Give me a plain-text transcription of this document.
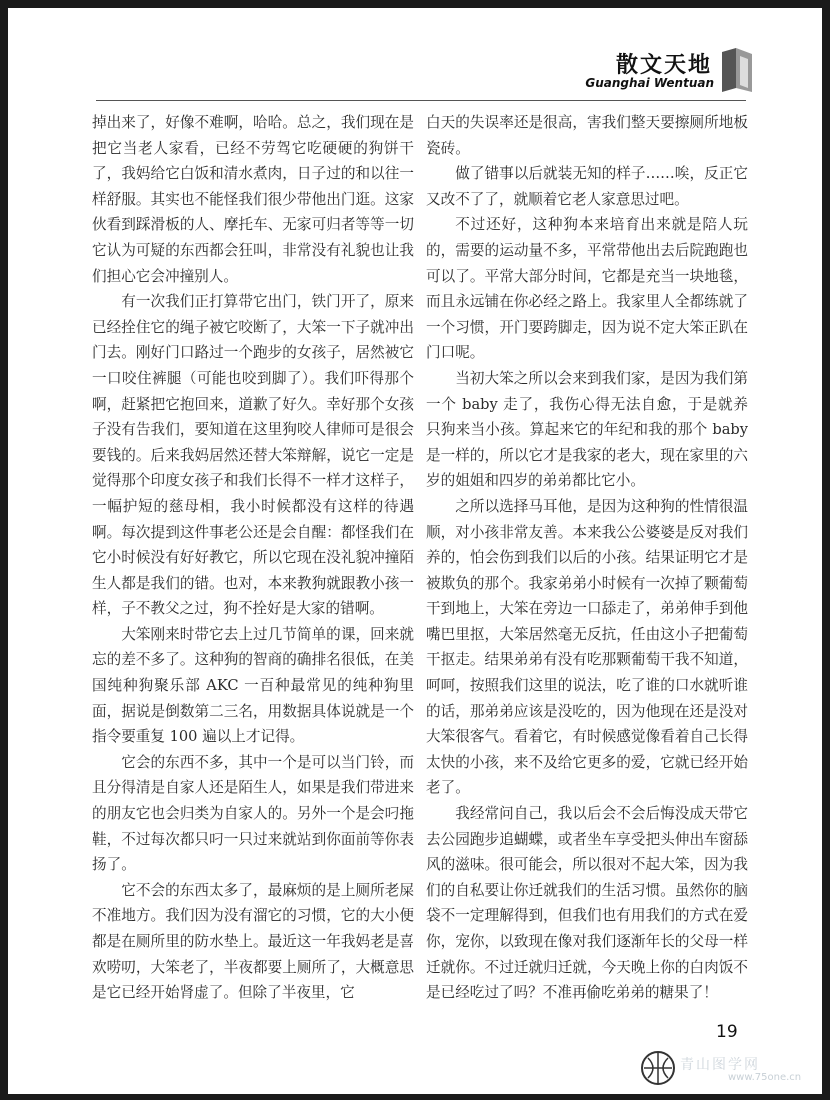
散文天地
Guanghai Wentuan

掉出来了，好像不难啊，哈哈。总之，我们现在是把它当老人家看，已经不劳驾它吃硬硬的狗饼干了，我妈给它白饭和清水煮肉，日子过的和以往一样舒服。其实也不能怪我们很少带他出门逛。这家伙看到踩滑板的人、摩托车、无家可归者等等一切它认为可疑的东西都会狂叫，非常没有礼貌也让我们担心它会冲撞别人。

有一次我们正打算带它出门，铁门开了，原来已经拴住它的绳子被它咬断了，大笨一下子就冲出门去。刚好门口路过一个跑步的女孩子，居然被它一口咬住裤腿（可能也咬到脚了）。我们吓得那个啊，赶紧把它抱回来，道歉了好久。幸好那个女孩子没有告我们，要知道在这里狗咬人律师可是很会要钱的。后来我妈居然还替大笨辩解，说它一定是觉得那个印度女孩子和我们长得不一样才这样子，一幅护短的慈母相，我小时候都没有这样的待遇啊。每次提到这件事老公还是会自醒：都怪我们在它小时候没有好好教它，所以它现在没礼貌冲撞陌生人都是我们的错。也对，本来教狗就跟教小孩一样，子不教父之过，狗不拴好是大家的错啊。

大笨刚来时带它去上过几节简单的课，回来就忘的差不多了。这种狗的智商的确排名很低，在美国纯种狗聚乐部 AKC 一百种最常见的纯种狗里面，据说是倒数第二三名，用数据具体说就是一个指令要重复 100 遍以上才记得。

它会的东西不多，其中一个是可以当门铃，而且分得清是自家人还是陌生人，如果是我们带进来的朋友它也会归类为自家人的。另外一个是会叼拖鞋，不过每次都只叼一只过来就站到你面前等你表扬了。

它不会的东西太多了，最麻烦的是上厕所老屎不准地方。我们因为没有溜它的习惯，它的大小便都是在厕所里的防水垫上。最近这一年我妈老是喜欢唠叨，大笨老了，半夜都要上厕所了，大概意思是它已经开始肾虚了。但除了半夜里，它

白天的失误率还是很高，害我们整天要擦厕所地板瓷砖。

做了错事以后就装无知的样子……唉，反正它又改不了了，就顺着它老人家意思过吧。

不过还好，这种狗本来培育出来就是陪人玩的，需要的运动量不多，平常带他出去后院跑跑也可以了。平常大部分时间，它都是充当一块地毯，而且永远铺在你必经之路上。我家里人全都练就了一个习惯，开门要跨脚走，因为说不定大笨正趴在门口呢。

当初大笨之所以会来到我们家，是因为我们第一个 baby 走了，我伤心得无法自愈，于是就养只狗来当小孩。算起来它的年纪和我的那个 baby 是一样的，所以它才是我家的老大，现在家里的六岁的姐姐和四岁的弟弟都比它小。

之所以选择马耳他，是因为这种狗的性情很温顺，对小孩非常友善。本来我公公婆婆是反对我们养的，怕会伤到我们以后的小孩。结果证明它才是被欺负的那个。我家弟弟小时候有一次掉了颗葡萄干到地上，大笨在旁边一口舔走了，弟弟伸手到他嘴巴里抠，大笨居然毫无反抗，任由这小子把葡萄干抠走。结果弟弟有没有吃那颗葡萄干我不知道，呵呵，按照我们这里的说法，吃了谁的口水就听谁的话，那弟弟应该是没吃的，因为他现在还是没对大笨很客气。看着它，有时候感觉像看着自己长得太快的小孩，来不及给它更多的爱，它就已经开始老了。

我经常问自己，我以后会不会后悔没成天带它去公园跑步追蝴蝶，或者坐车享受把头伸出车窗舔风的滋味。很可能会，所以很对不起大笨，因为我们的自私要让你迁就我们的生活习惯。虽然你的脑袋不一定理解得到，但我们也有用我们的方式在爱你，宠你，以致现在像对我们逐渐年长的父母一样迁就你。不过迁就归迁就，今天晚上你的白肉饭不是已经吃过了吗？不准再偷吃弟弟的糖果了！

19
青山图学网
www.75one.cn
